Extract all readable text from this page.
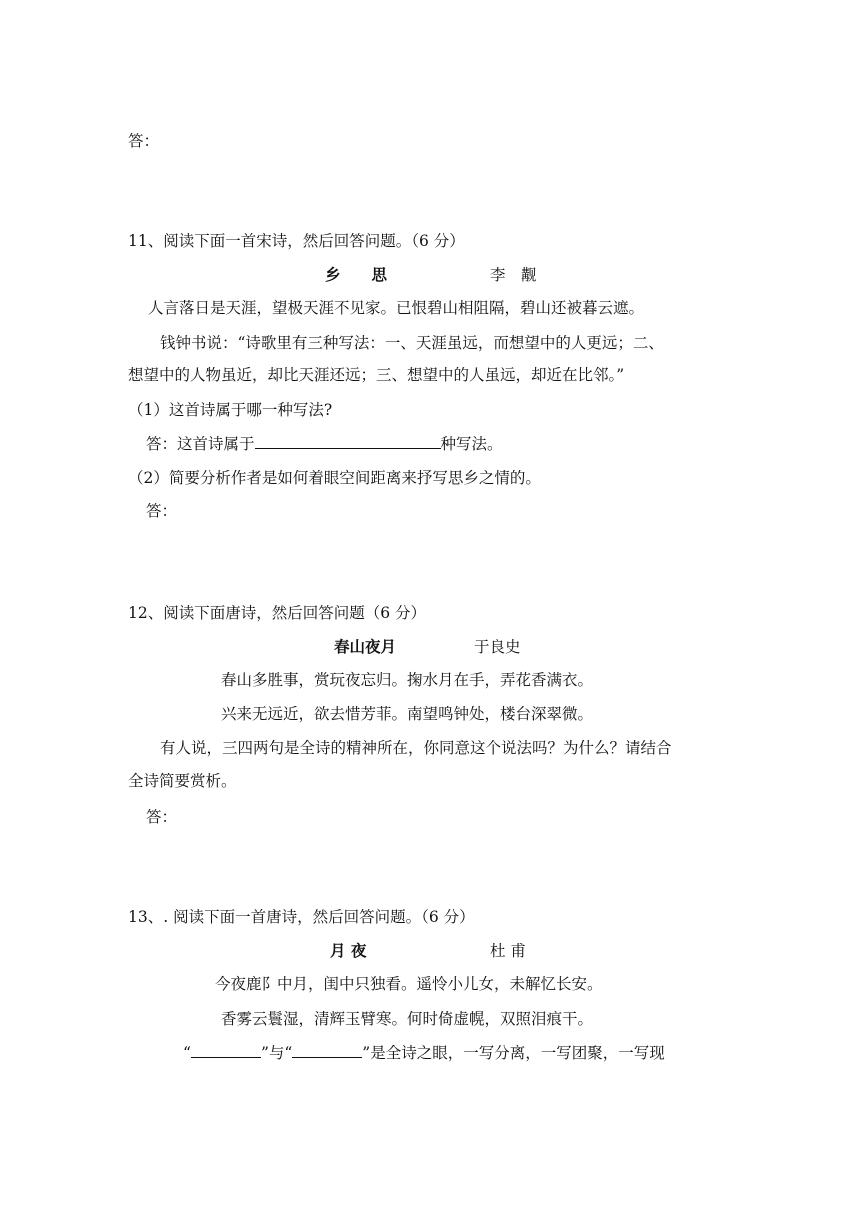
答：
11、阅读下面一首宋诗，然后回答问题。（6 分）
乡　　思	李　觏
人言落日是天涯，望极天涯不见家。已恨碧山相阻隔，碧山还被暮云遮。
钱钟书说：“诗歌里有三种写法：一、天涯虽远，而想望中的人更远；二、
想望中的人物虽近，却比天涯还远；三、想望中的人虽远，却近在比邻。”
（1）这首诗属于哪一种写法?
答：这首诗属于	种写法。
（2）简要分析作者是如何着眼空间距离来抒写思乡之情的。
答：
12、阅读下面唐诗，然后回答问题（6 分）
春山夜月	于良史
春山多胜事，赏玩夜忘归。掬水月在手，弄花香满衣。
兴来无远近，欲去惜芳菲。南望鸣钟处，楼台深翠微。
有人说，三四两句是全诗的精神所在，你同意这个说法吗？为什么？请结合
全诗简要赏析。
答：
13、. 阅读下面一首唐诗，然后回答问题。（6 分）
月 夜	杜 甫
今夜鹿阝中月，闺中只独看。遥怜小儿女，未解忆长安。
香雾云鬟湿，清辉玉臂寒。何时倚虚幌，双照泪痕干。
“	”与“	”是全诗之眼，一写分离，一写团聚，一写现
